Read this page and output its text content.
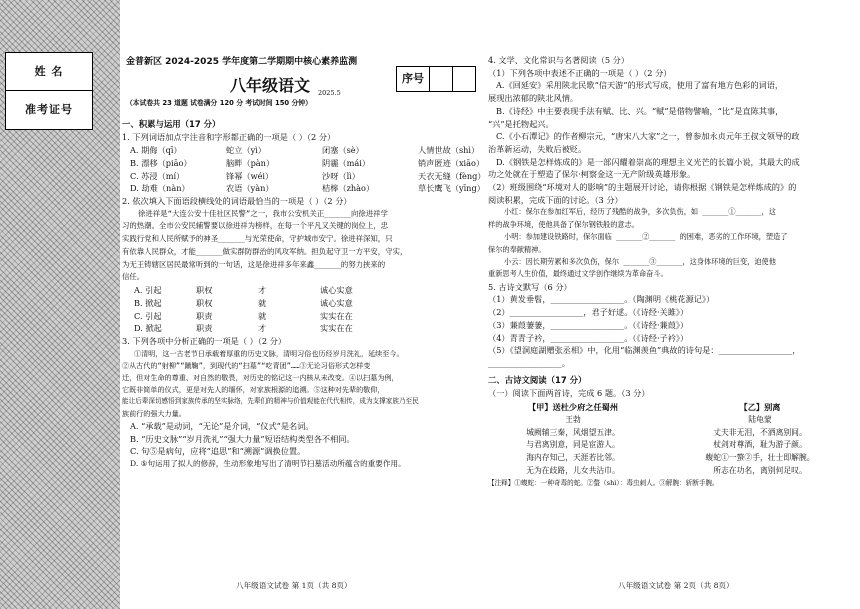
姓 名
准考证号
金普新区 2024-2025 学年度第二学期期中核心素养监测
八年级语文 2025.5
（本试卷共 23 道题 试卷满分 120 分 考试时间 150 分钟）
一、积累与运用（17 分）
1. 下列词语加点字注音和字形都正确的一项是（ ）（2 分）
A. 期侮（qī）	蛇立（yì）	闭塞（sè）	人情世故（shì）
B. 漂移（piāo）	脑畔（pàn）	阴霾（mái）	销声匿迹（xiāo）
C. 苏浸（mí）	锋幂（wéi）	沙呀（lì）	天衣无缝（fèng）
D. 劫难（nàn）	农语（yàn）	桔槔（zhào）	草长鹰飞（yīng）
2. 依次填入下面语段横线处的词语最恰当的一项是（ ）（2 分）
徐进祥是“大连公安十佳社区民警”之一，我市公安机关正______向徐进祥学
习的热潮。全市公安民辅警要以徐进祥为榜样，在每一个平凡又关键的岗位上，忠
实践行党和人民所赋予的神圣______与光荣使命，守护城市安宁。徐进祥深知，只
有依靠人民群众，才能______做实群防群治的风攻军纳。担负起守卫一方平安，守实，
为无王铸辖区居民最常听到的一句话，这是徐进祥多年来鑫______的努力挟来的
信任。
A. 引起	职权	才	诚心实意
B. 掀起	职权	就	诚心实意
C. 引起	职责	就	实实在在
D. 掀起	职责	才	实实在在
3. 下列各项中分析正确的一项是（ ）（2 分）
①清明，这一古老节日承载着厚重的历史文脉，清明习俗也历经岁月洗礼，延续至今。
②从古代的“射柳”“蹴鞠”，到现代的“扫墓”“吃青团”……③无论习俗形式怎样变
迁，但对生命的尊重、对自然的敬畏，对历史的铭记这一内核从未改变。④以扫墓为例，
它既非简单的仪式，更是对先人的缅怀，对家族根源的追溯。⑤这种对先辈的敬仰，
能让后辈深切感悟到家族传承的坚实脉络，先辈们的精神与价值观能在代代相传，成为支撑家族乃至民
族前行的强大力量。
A. “承载”是动词，“无论”是介词，“仪式”是名词。
B. “历史文脉”“岁月洗礼”“强大力量”短语结构类型各不相同。
C. 句⑤是病句，应将“追思”和“溯源”调换位置。
D. ⑤句运用了拟人的修辞，生动形象地写出了清明节扫墓活动所蕴含的重要作用。
序号
八年级语文试卷 第 1页（共 8页）
4. 文学、文化常识与名著阅读（5 分）
（1）下列各项中表述不正确的一项是（ ）（2 分）
A.《回延安》采用陕北民歌“信天游”的形式写成，使用了富有地方色彩的词语，
展现出浓郁的陕北风情。
B.《诗经》中主要表现手法有赋、比、兴。“赋”是借物譬喻，“比”是直陈其事，
“兴”是托物起兴。
C.《小石潭记》的作者柳宗元，“唐宋八大家”之一，曾参加永贞元年王叔文领导的政
治革新运动，失败后被贬。
D.《钢铁是怎样炼成的》是一部闪耀着崇高的理想主义光芒的长篇小说，其最大的成
功之处就在于塑造了保尔·柯察金这一无产阶级英雄形象。
（2）班级围绕“环境对人的影响”的主题展开讨论，请你根据《钢铁是怎样炼成的》的
阅读积累，完成下面的讨论。（3 分）
小红：保尔在参加红军后，经历了残酷的战争，多次负伤，如 ______①______，这
样的战争环境，使他具备了保尔钢铁般的意志。
小明：参加建设铁路时，保尔面临 ______②______ 的困难，恶劣的工作环境，塑造了
保尔的奉献精神。
小云：因长期劳累和多次负伤，保尔 ______③______，这身体环境的巨变，迫使他
重新思考人生价值，最终通过文学创作继续为革命奋斗。
5. 古诗文默写（6 分）
（1）黄发垂髫，__________________。（陶渊明《桃花源记》）
（2）__________________，君子好逑。（《诗经·关雎》）
（3）蒹葭萋萋，__________________。（《诗经·蒹葭》）
（4）青青子衿，__________________。（《诗经·子衿》）
（5）《望洞庭湖赠张丞相》中，化用“临渊羡鱼”典故的诗句是：__________________，
__________________。
二、古诗文阅读（17 分）
（一）阅读下面两首诗，完成 6 题。（3 分）
【甲】送杜少府之任蜀州
王勃
城阙辅三秦，风烟望五津。
与君离别意，同是宦游人。
海内存知己，天涯若比邻。
无为在歧路，儿女共沾巾。
【乙】别离
陆龟蒙
丈夫非无泪，不洒离别间。
杖剑对尊酒，耻为游子颜。
蝮蛇①一螫②手，壮士即解腕。
所志在功名，离别何足叹。
【注释】①蝮蛇：一种奇毒的蛇。②螫（shì）：毒虫刺人。③解腕：斩断手腕。
八年级语文试卷 第 2页（共 8页）
